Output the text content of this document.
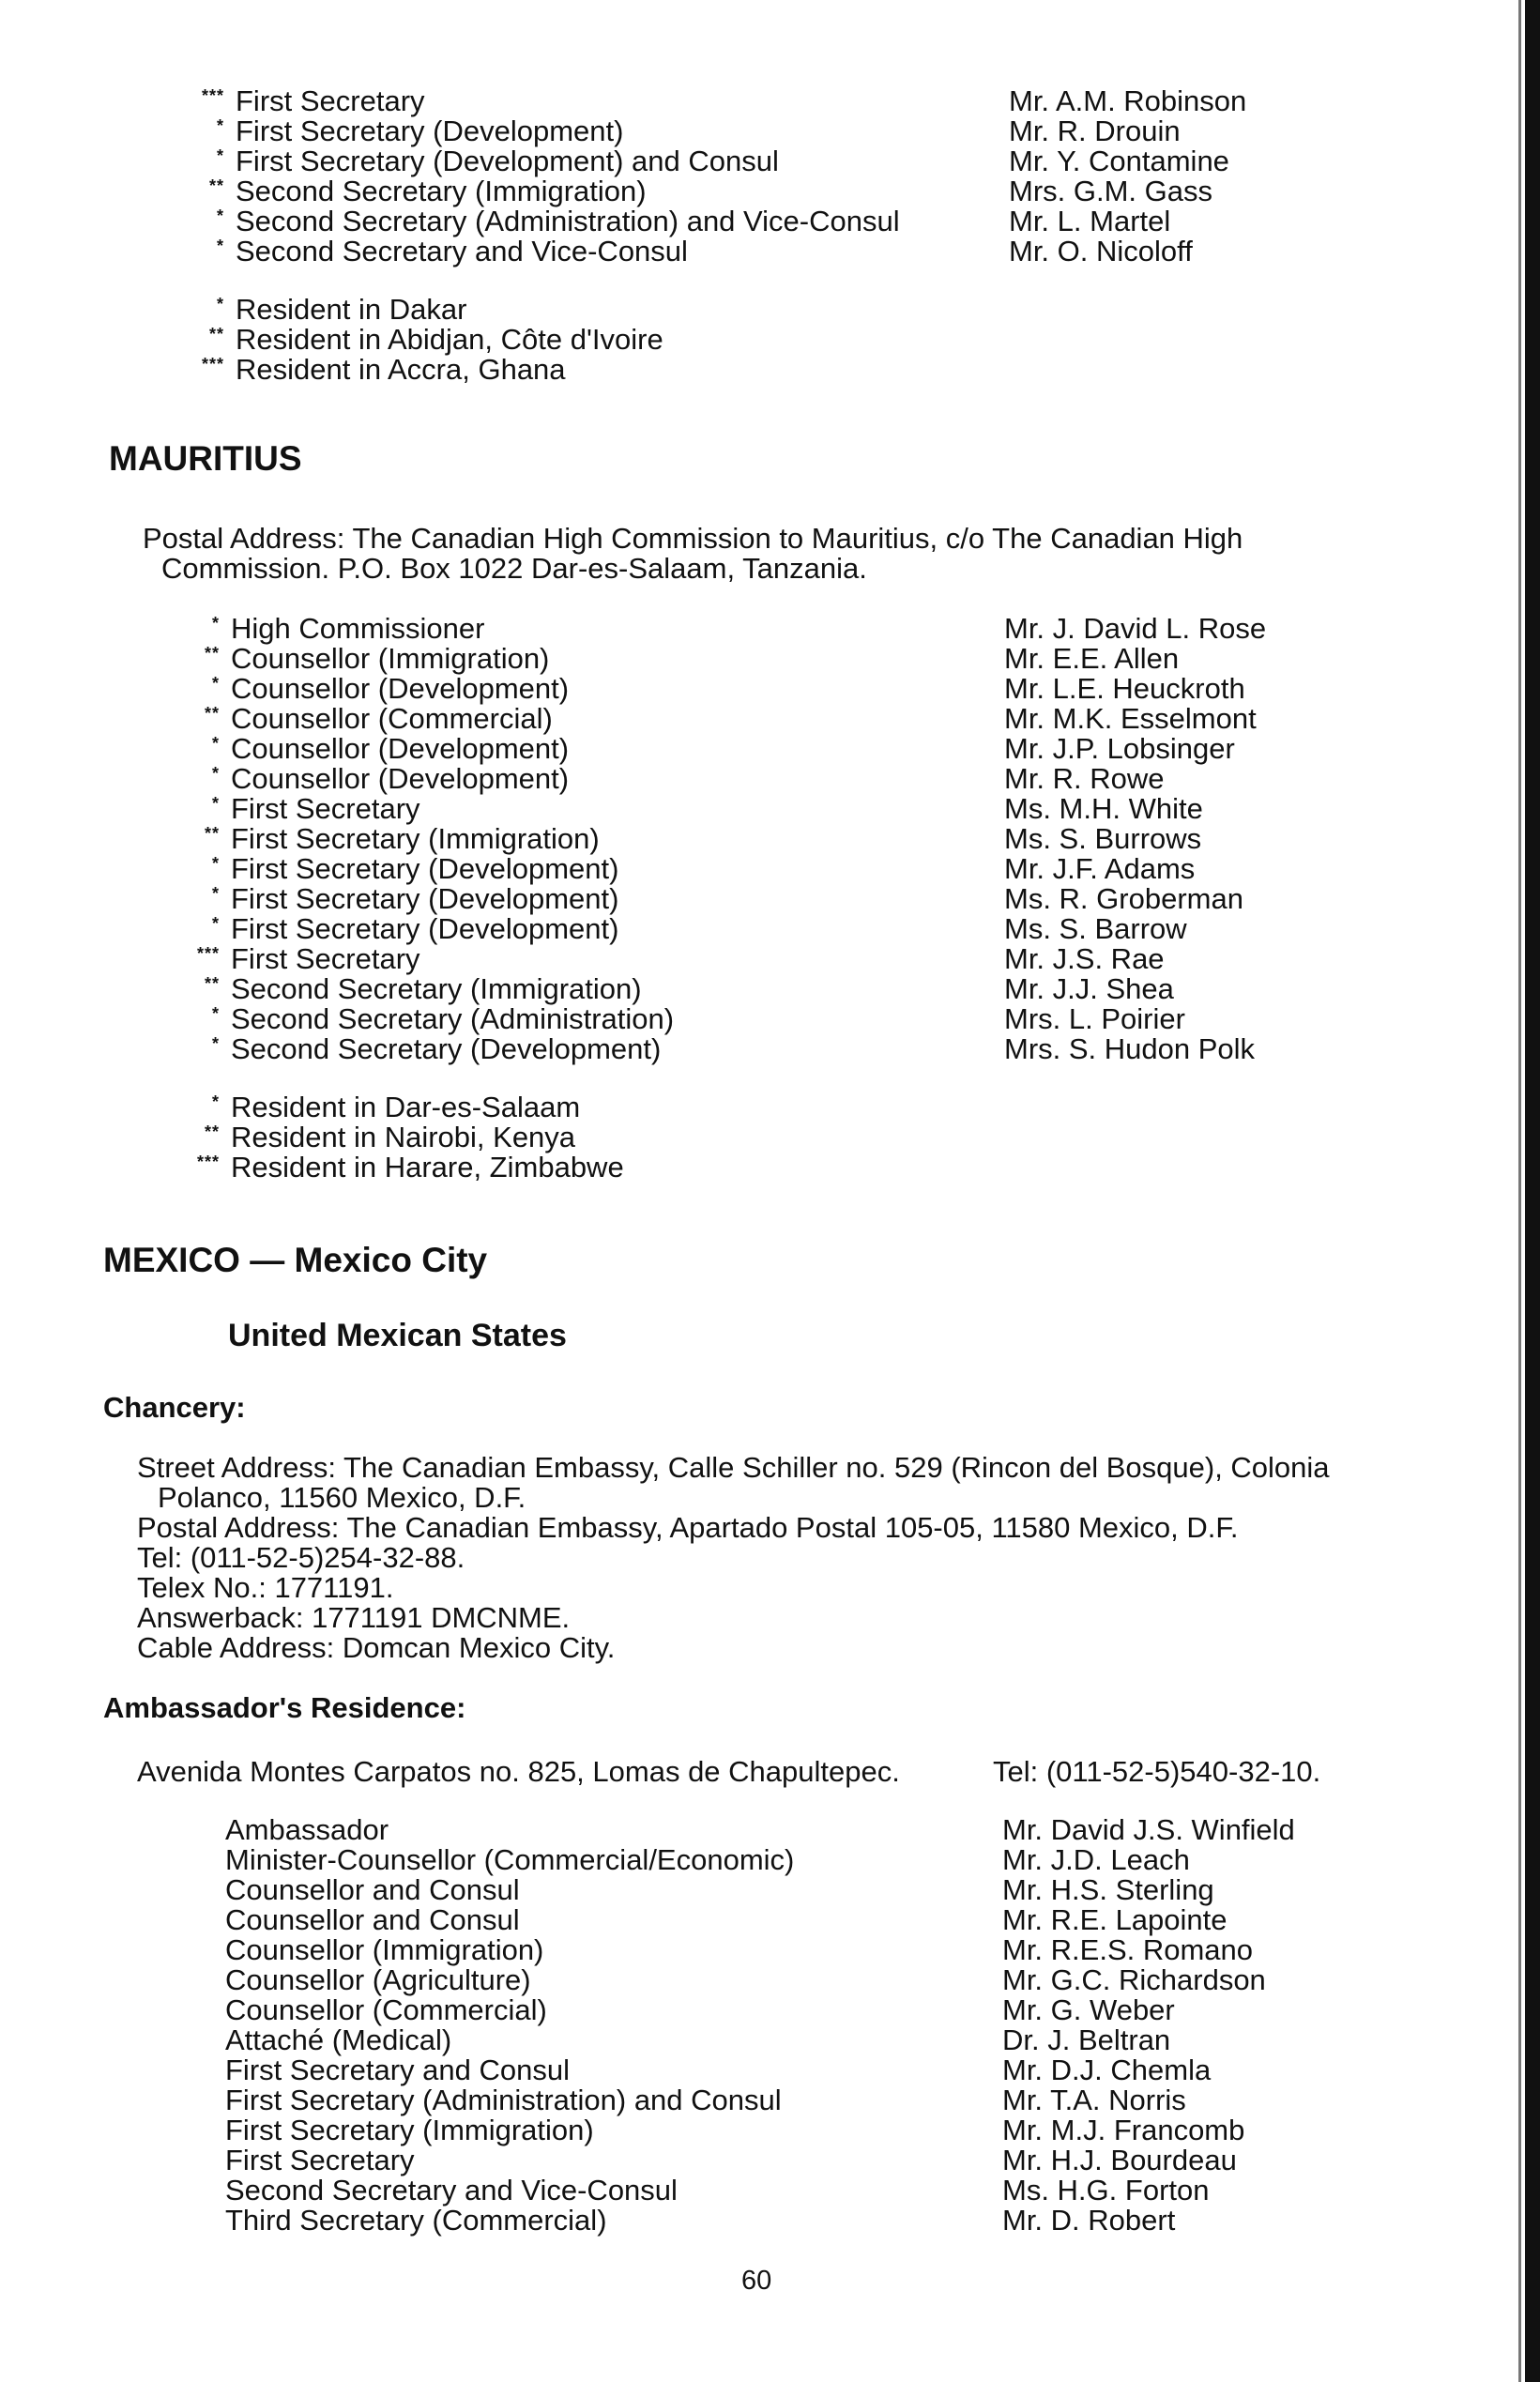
*** First Secretary	Mr. A.M. Robinson
* First Secretary (Development)	Mr. R. Drouin
* First Secretary (Development) and Consul	Mr. Y. Contamine
** Second Secretary (Immigration)	Mrs. G.M. Gass
* Second Secretary (Administration) and Vice-Consul	Mr. L. Martel
* Second Secretary and Vice-Consul	Mr. O. Nicoloff
* Resident in Dakar
** Resident in Abidjan, Côte d'Ivoire
*** Resident in Accra, Ghana
MAURITIUS
Postal Address: The Canadian High Commission to Mauritius, c/o The Canadian High
Commission. P.O. Box 1022 Dar-es-Salaam, Tanzania.
* High Commissioner	Mr. J. David L. Rose
** Counsellor (Immigration)	Mr. E.E. Allen
* Counsellor (Development)	Mr. L.E. Heuckroth
** Counsellor (Commercial)	Mr. M.K. Esselmont
* Counsellor (Development)	Mr. J.P. Lobsinger
* Counsellor (Development)	Mr. R. Rowe
* First Secretary	Ms. M.H. White
** First Secretary (Immigration)	Ms. S. Burrows
* First Secretary (Development)	Mr. J.F. Adams
* First Secretary (Development)	Ms. R. Groberman
* First Secretary (Development)	Ms. S. Barrow
*** First Secretary	Mr. J.S. Rae
** Second Secretary (Immigration)	Mr. J.J. Shea
* Second Secretary (Administration)	Mrs. L. Poirier
* Second Secretary (Development)	Mrs. S. Hudon Polk
* Resident in Dar-es-Salaam
** Resident in Nairobi, Kenya
*** Resident in Harare, Zimbabwe
MEXICO — Mexico City
United Mexican States
Chancery:
Street Address: The Canadian Embassy, Calle Schiller no. 529 (Rincon del Bosque), Colonia
Polanco, 11560 Mexico, D.F.
Postal Address: The Canadian Embassy, Apartado Postal 105-05, 11580 Mexico, D.F.
Tel: (011-52-5)254-32-88.
Telex No.: 1771191.
Answerback: 1771191 DMCNME.
Cable Address: Domcan Mexico City.
Ambassador's Residence:
Avenida Montes Carpatos no. 825, Lomas de Chapultepec.	Tel: (011-52-5)540-32-10.
Ambassador	Mr. David J.S. Winfield
Minister-Counsellor (Commercial/Economic)	Mr. J.D. Leach
Counsellor and Consul	Mr. H.S. Sterling
Counsellor and Consul	Mr. R.E. Lapointe
Counsellor (Immigration)	Mr. R.E.S. Romano
Counsellor (Agriculture)	Mr. G.C. Richardson
Counsellor (Commercial)	Mr. G. Weber
Attaché (Medical)	Dr. J. Beltran
First Secretary and Consul	Mr. D.J. Chemla
First Secretary (Administration) and Consul	Mr. T.A. Norris
First Secretary (Immigration)	Mr. M.J. Francomb
First Secretary	Mr. H.J. Bourdeau
Second Secretary and Vice-Consul	Ms. H.G. Forton
Third Secretary (Commercial)	Mr. D. Robert
60
